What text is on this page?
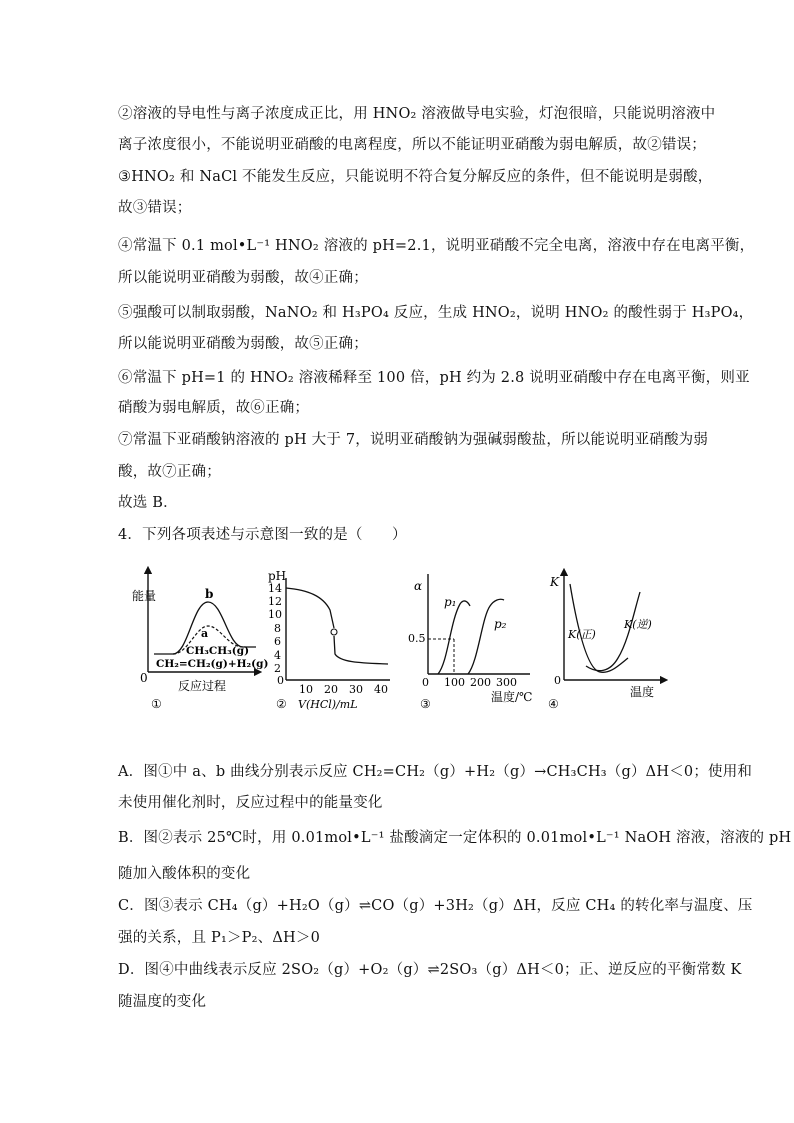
②溶液的导电性与离子浓度成正比，用 HNO₂ 溶液做导电实验，灯泡很暗，只能说明溶液中
离子浓度很小，不能说明亚硝酸的电离程度，所以不能证明亚硝酸为弱电解质，故②错误；
③HNO₂ 和 NaCl 不能发生反应，只能说明不符合复分解反应的条件，但不能说明是弱酸，
故③错误；
④常温下 0.1 mol•L⁻¹ HNO₂ 溶液的 pH=2.1，说明亚硝酸不完全电离，溶液中存在电离平衡，
所以能说明亚硝酸为弱酸，故④正确；
⑤强酸可以制取弱酸，NaNO₂ 和 H₃PO₄ 反应，生成 HNO₂，说明 HNO₂ 的酸性弱于 H₃PO₄，
所以能说明亚硝酸为弱酸，故⑤正确；
⑥常温下 pH=1 的 HNO₂ 溶液稀释至 100 倍，pH 约为 2.8 说明亚硝酸中存在电离平衡，则亚
硝酸为弱电解质，故⑥正确；
⑦常温下亚硝酸钠溶液的 pH 大于 7，说明亚硝酸钠为强碱弱酸盐，所以能说明亚硝酸为弱
酸，故⑦正确；
故选 B．
4．下列各项表述与示意图一致的是（　　）
能量
0
反应过程
b
a
CH₃CH₃(g)
CH₂=CH₂(g)+H₂(g)
①
pH
14
12
10
8
6
4
2
0
10 20 30 40
V(HCl)/mL
②
α
0.5
0 100 200 300
温度/℃
p₁
p₂
③
K
0
温度
K(正)
K(逆)
④
A．图①中 a、b 曲线分别表示反应 CH₂=CH₂（g）+H₂（g）→CH₃CH₃（g）ΔH＜0；使用和
未使用催化剂时，反应过程中的能量变化
B．图②表示 25℃时，用 0.01mol•L⁻¹ 盐酸滴定一定体积的 0.01mol•L⁻¹ NaOH 溶液，溶液的 pH
随加入酸体积的变化
C．图③表示 CH₄（g）+H₂O（g）⇌CO（g）+3H₂（g）ΔH，反应 CH₄ 的转化率与温度、压
强的关系，且 P₁＞P₂、ΔH＞0
D．图④中曲线表示反应 2SO₂（g）+O₂（g）⇌2SO₃（g）ΔH＜0；正、逆反应的平衡常数 K
随温度的变化
